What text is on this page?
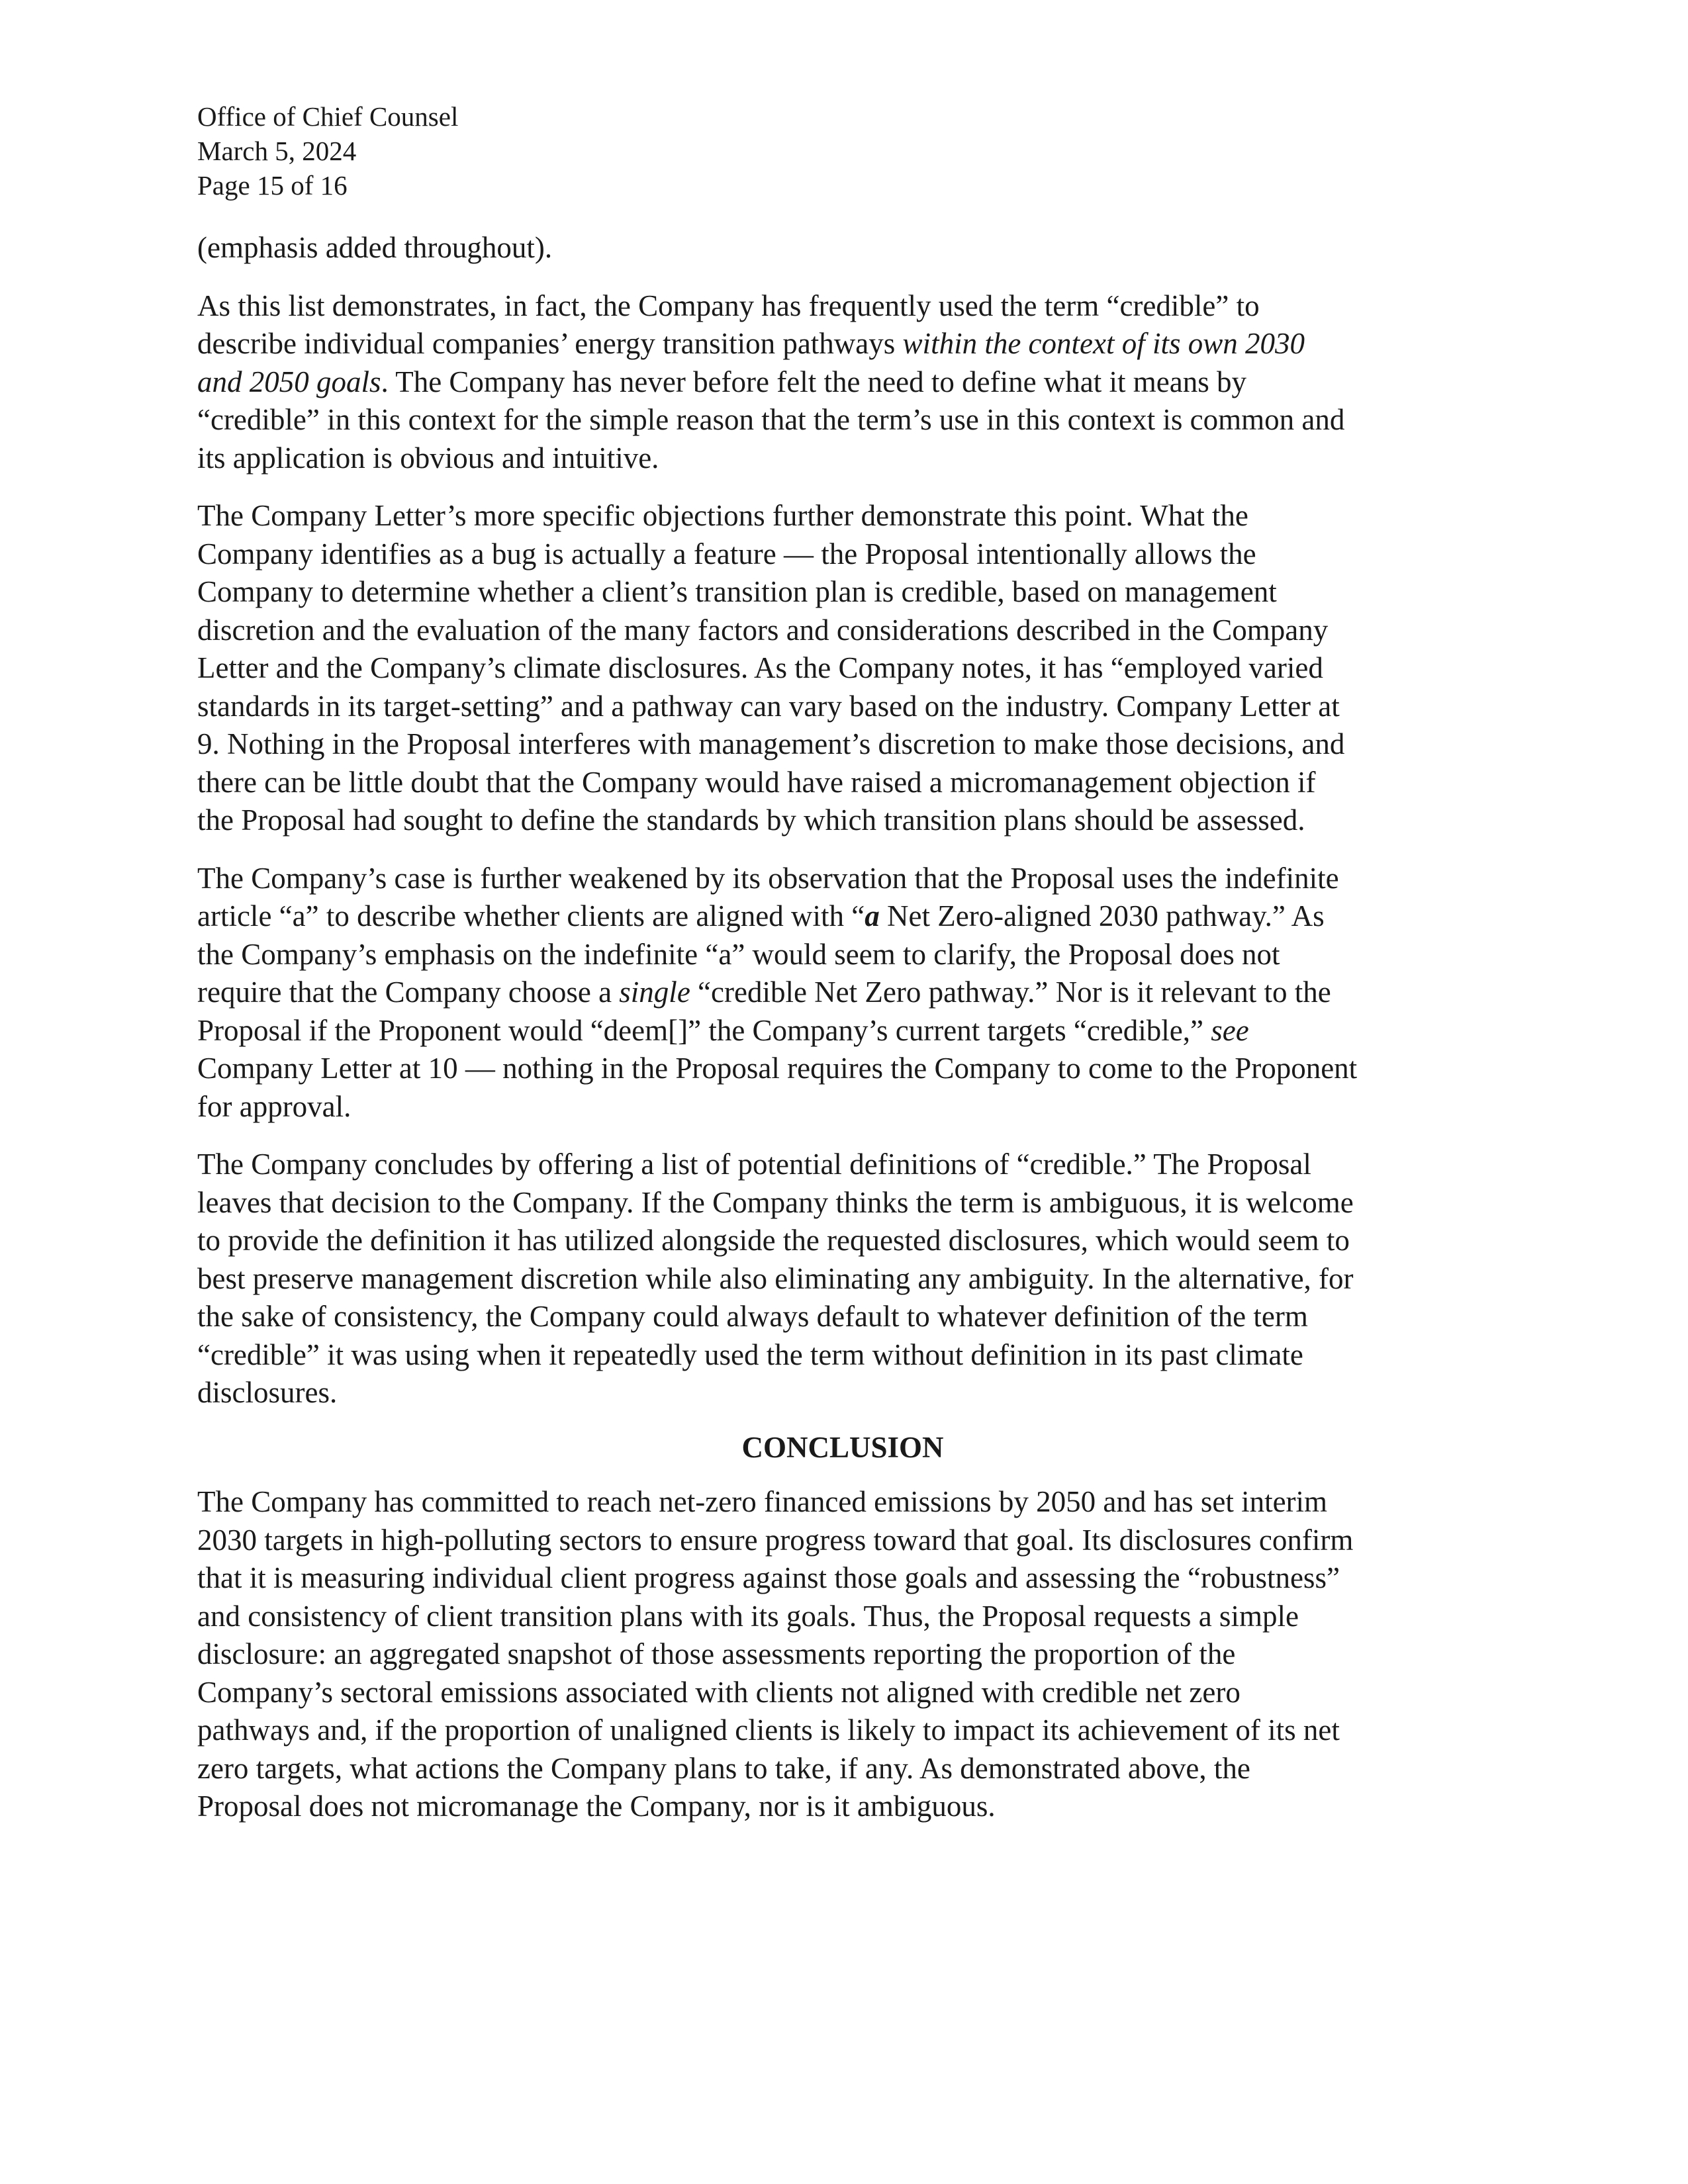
Office of Chief Counsel
March 5, 2024
Page 15 of 16
(emphasis added throughout).
As this list demonstrates, in fact, the Company has frequently used the term “credible” to
describe individual companies’ energy transition pathways within the context of its own 2030
and 2050 goals. The Company has never before felt the need to define what it means by
“credible” in this context for the simple reason that the term’s use in this context is common and
its application is obvious and intuitive.
The Company Letter’s more specific objections further demonstrate this point. What the
Company identifies as a bug is actually a feature — the Proposal intentionally allows the
Company to determine whether a client’s transition plan is credible, based on management
discretion and the evaluation of the many factors and considerations described in the Company
Letter and the Company’s climate disclosures. As the Company notes, it has “employed varied
standards in its target-setting” and a pathway can vary based on the industry. Company Letter at
9. Nothing in the Proposal interferes with management’s discretion to make those decisions, and
there can be little doubt that the Company would have raised a micromanagement objection if
the Proposal had sought to define the standards by which transition plans should be assessed.
The Company’s case is further weakened by its observation that the Proposal uses the indefinite
article “a” to describe whether clients are aligned with “a Net Zero-aligned 2030 pathway.” As
the Company’s emphasis on the indefinite “a” would seem to clarify, the Proposal does not
require that the Company choose a single “credible Net Zero pathway.” Nor is it relevant to the
Proposal if the Proponent would “deem[]” the Company’s current targets “credible,” see
Company Letter at 10 — nothing in the Proposal requires the Company to come to the Proponent
for approval.
The Company concludes by offering a list of potential definitions of “credible.” The Proposal
leaves that decision to the Company. If the Company thinks the term is ambiguous, it is welcome
to provide the definition it has utilized alongside the requested disclosures, which would seem to
best preserve management discretion while also eliminating any ambiguity. In the alternative, for
the sake of consistency, the Company could always default to whatever definition of the term
“credible” it was using when it repeatedly used the term without definition in its past climate
disclosures.
CONCLUSION
The Company has committed to reach net-zero financed emissions by 2050 and has set interim
2030 targets in high-polluting sectors to ensure progress toward that goal. Its disclosures confirm
that it is measuring individual client progress against those goals and assessing the “robustness”
and consistency of client transition plans with its goals. Thus, the Proposal requests a simple
disclosure: an aggregated snapshot of those assessments reporting the proportion of the
Company’s sectoral emissions associated with clients not aligned with credible net zero
pathways and, if the proportion of unaligned clients is likely to impact its achievement of its net
zero targets, what actions the Company plans to take, if any. As demonstrated above, the
Proposal does not micromanage the Company, nor is it ambiguous.
